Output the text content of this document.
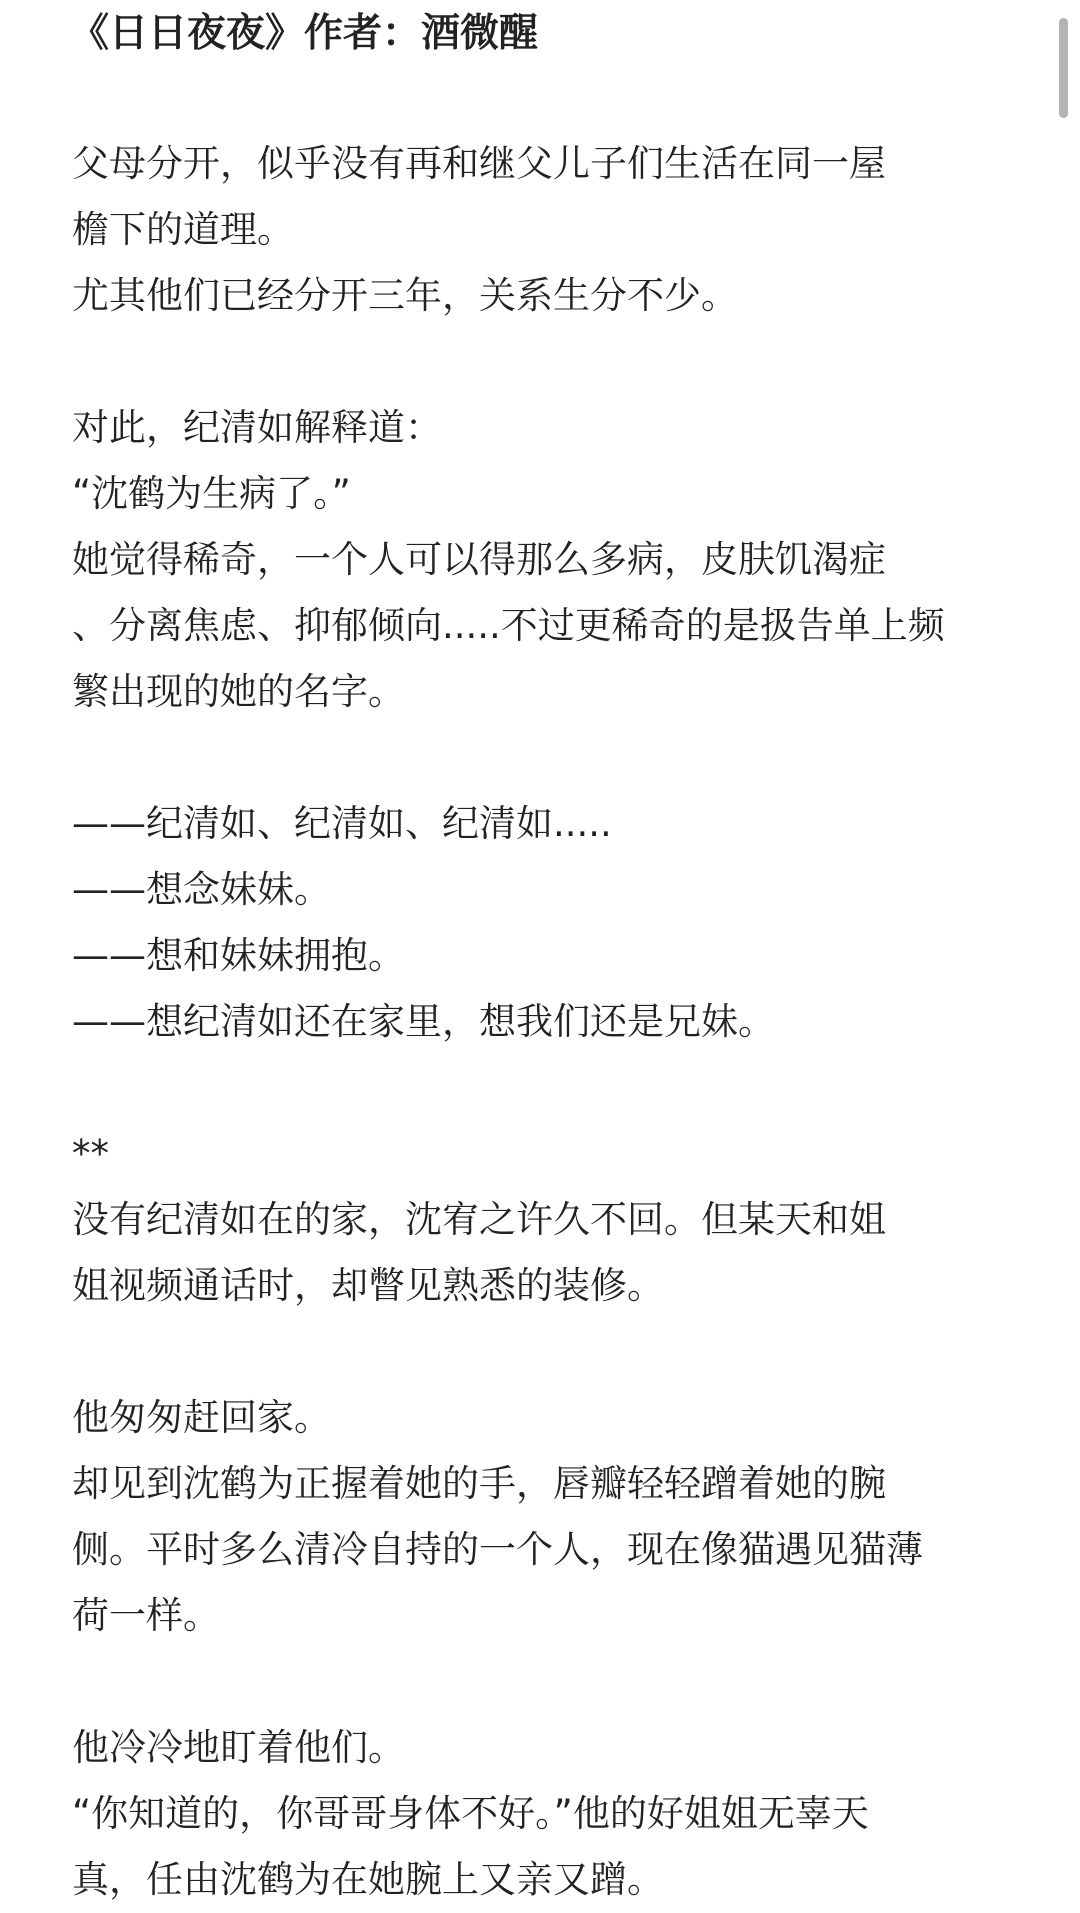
《日日夜夜》作者：酒微醒
父母分开，似乎没有再和继父儿子们生活在同一屋
檐下的道理。
尤其他们已经分开三年，关系生分不少。
对此，纪清如解释道：
“沈鹤为生病了。”
她觉得稀奇，一个人可以得那么多病，皮肤饥渴症
、分离焦虑、抑郁倾向.....不过更稀奇的是扱告单上频
繁出现的她的名字。
——纪清如、纪清如、纪清如.....
——想念妹妹。
——想和妹妹拥抱。
——想纪清如还在家里，想我们还是兄妹。
**
没有纪清如在的家，沈宥之许久不回。但某天和姐
姐视频通话时，却瞥见熟悉的装修。
他匆匆赶回家。
却见到沈鹤为正握着她的手，唇瓣轻轻蹭着她的腕
侧。平时多么清冷自持的一个人，现在像猫遇见猫薄
荷一样。
他冷冷地盯着他们。
“你知道的，你哥哥身体不好。”他的好姐姐无辜天
真，任由沈鹤为在她腕上又亲又蹭。
